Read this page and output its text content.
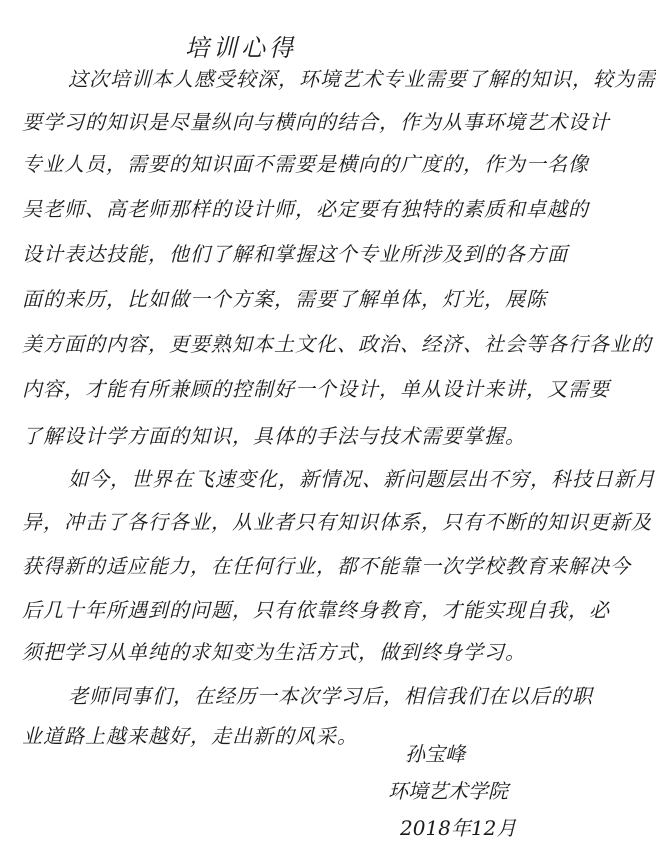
培训心得
这次培训本人感受较深，环境艺术专业需要了解的知识，较为需
要学习的知识是尽量纵向与横向的结合，作为从事环境艺术设计
专业人员，需要的知识面不需要是横向的广度的，作为一名像
吴老师、高老师那样的设计师，必定要有独特的素质和卓越的
设计表达技能，他们了解和掌握这个专业所涉及到的各方面
面的来历，比如做一个方案，需要了解单体，灯光，展陈
美方面的内容，更要熟知本土文化、政治、经济、社会等各行各业的
内容，才能有所兼顾的控制好一个设计，单从设计来讲，又需要
了解设计学方面的知识，具体的手法与技术需要掌握。
如今，世界在飞速变化，新情况、新问题层出不穷，科技日新月
异，冲击了各行各业，从业者只有知识体系，只有不断的知识更新及
获得新的适应能力，在任何行业，都不能靠一次学校教育来解决今
后几十年所遇到的问题，只有依靠终身教育，才能实现自我，必
须把学习从单纯的求知变为生活方式，做到终身学习。
老师同事们，在经历一本次学习后，相信我们在以后的职
业道路上越来越好，走出新的风采。
孙宝峰
环境艺术学院
2018年12月
